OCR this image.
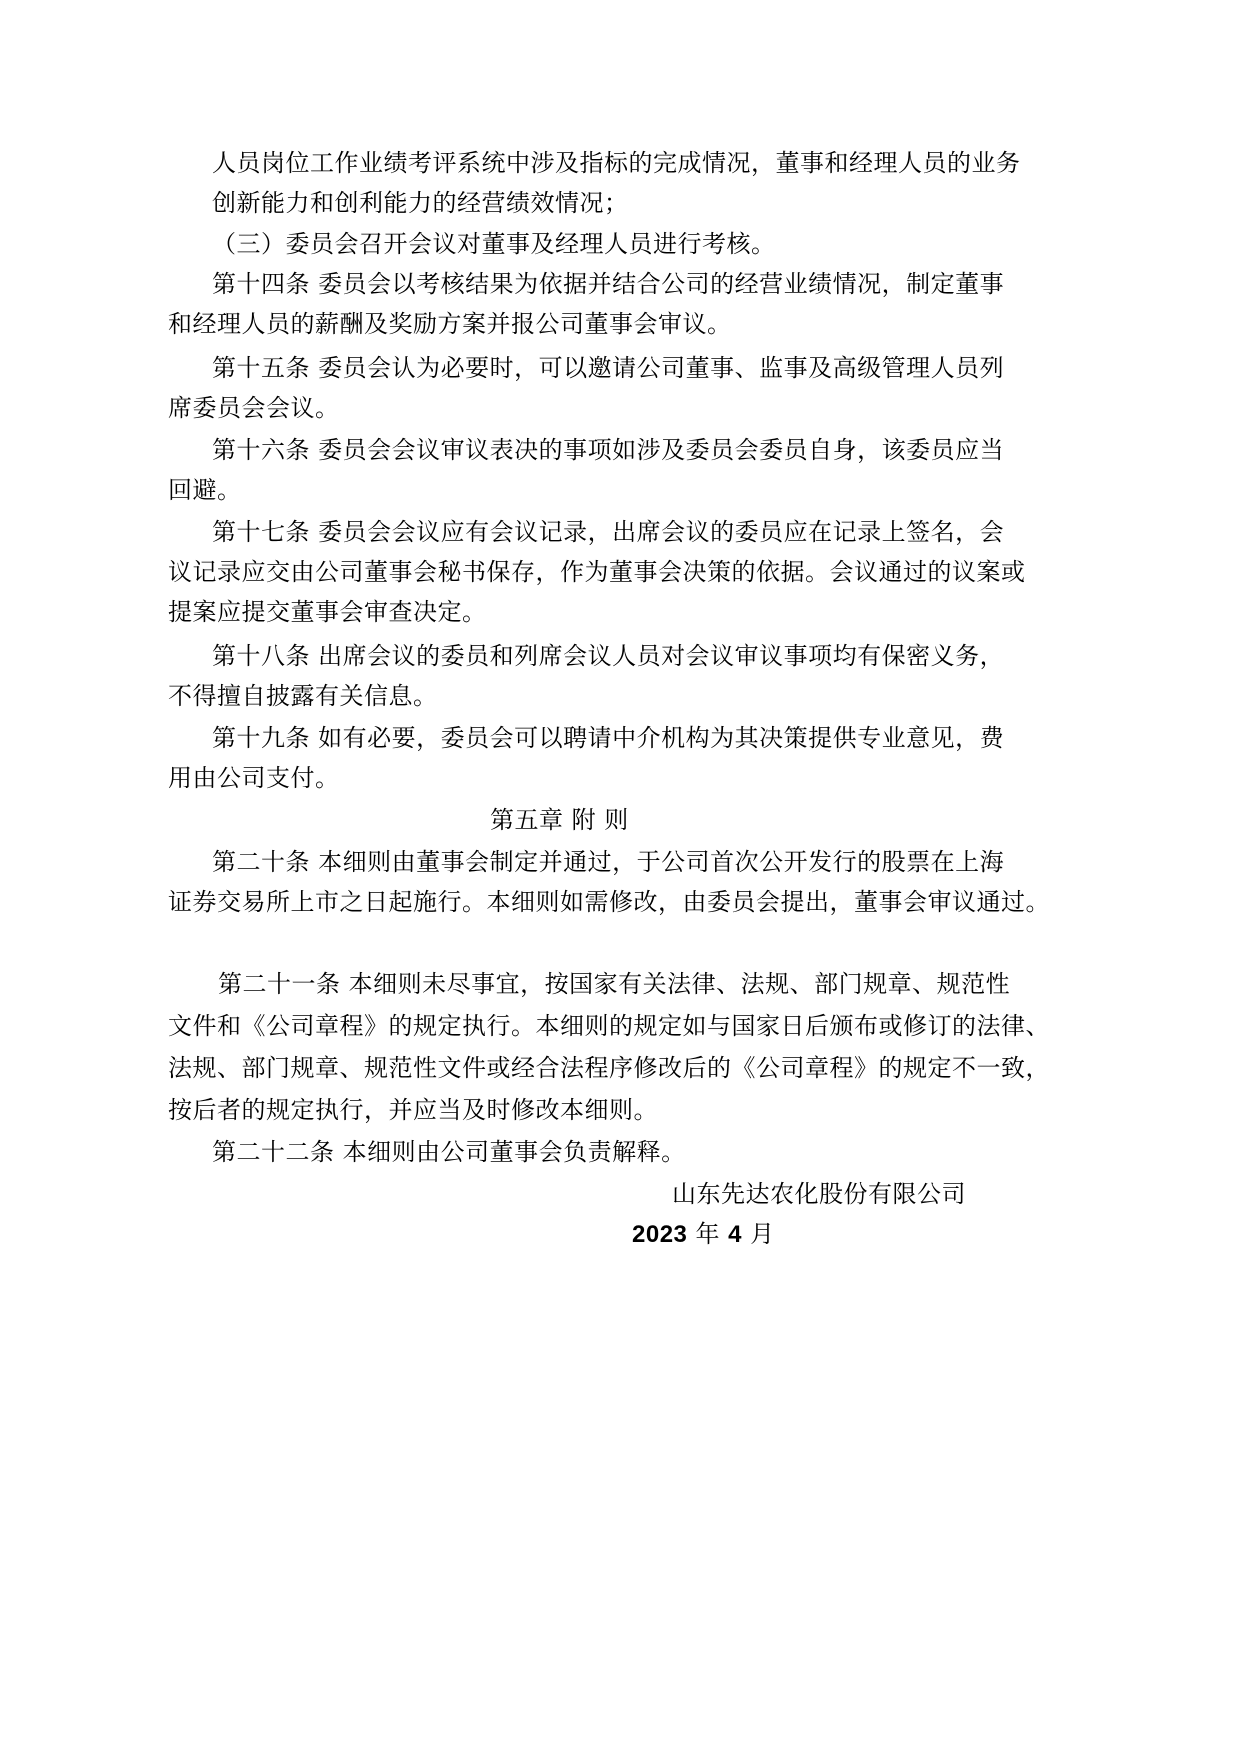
人员岗位工作业绩考评系统中涉及指标的完成情况，董事和经理人员的业务
创新能力和创利能力的经营绩效情况；
（三）委员会召开会议对董事及经理人员进行考核。
第十四条 委员会以考核结果为依据并结合公司的经营业绩情况，制定董事
和经理人员的薪酬及奖励方案并报公司董事会审议。
第十五条 委员会认为必要时，可以邀请公司董事、监事及高级管理人员列
席委员会会议。
第十六条 委员会会议审议表决的事项如涉及委员会委员自身，该委员应当
回避。
第十七条 委员会会议应有会议记录，出席会议的委员应在记录上签名，会
议记录应交由公司董事会秘书保存，作为董事会决策的依据。会议通过的议案或
提案应提交董事会审查决定。
第十八条 出席会议的委员和列席会议人员对会议审议事项均有保密义务，
不得擅自披露有关信息。
第十九条 如有必要，委员会可以聘请中介机构为其决策提供专业意见，费
用由公司支付。
第五章 附 则
第二十条 本细则由董事会制定并通过，于公司首次公开发行的股票在上海
证券交易所上市之日起施行。本细则如需修改，由委员会提出，董事会审议通过。
第二十一条 本细则未尽事宜，按国家有关法律、法规、部门规章、规范性
文件和《公司章程》的规定执行。本细则的规定如与国家日后颁布或修订的法律、
法规、部门规章、规范性文件或经合法程序修改后的《公司章程》的规定不一致，
按后者的规定执行，并应当及时修改本细则。
第二十二条 本细则由公司董事会负责解释。
山东先达农化股份有限公司
2023 年 4 月
